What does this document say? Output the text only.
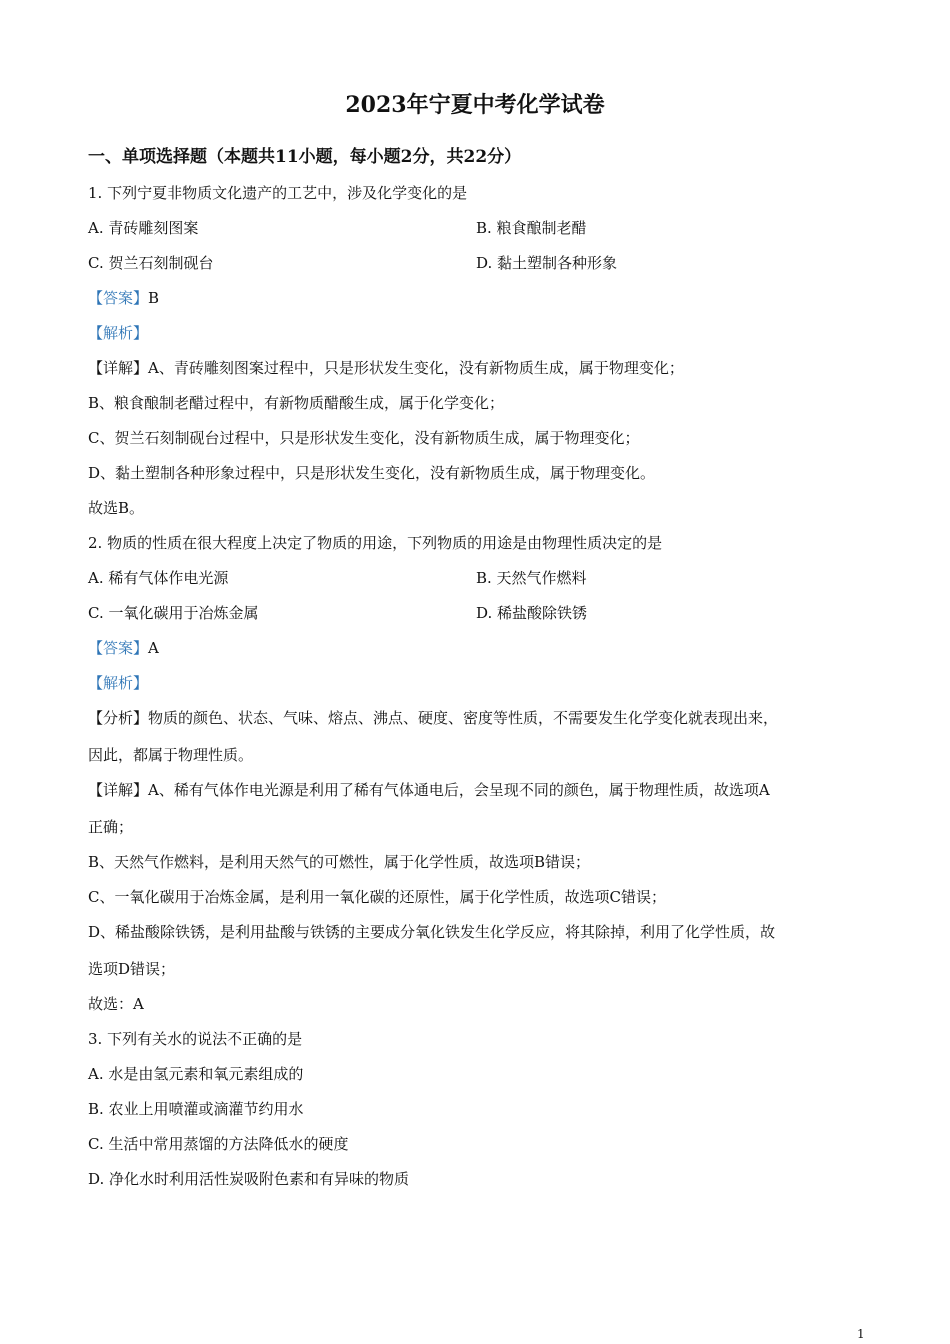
2023年宁夏中考化学试卷
一、单项选择题（本题共11小题，每小题2分，共22分）
1. 下列宁夏非物质文化遗产的工艺中，涉及化学变化的是
A. 青砖雕刻图案	B. 粮食酿制老醋
C. 贺兰石刻制砚台	D. 黏土塑制各种形象
【答案】B
【解析】
【详解】A、青砖雕刻图案过程中，只是形状发生变化，没有新物质生成，属于物理变化；
B、粮食酿制老醋过程中，有新物质醋酸生成，属于化学变化；
C、贺兰石刻制砚台过程中，只是形状发生变化，没有新物质生成，属于物理变化；
D、黏土塑制各种形象过程中，只是形状发生变化，没有新物质生成，属于物理变化。
故选B。
2. 物质的性质在很大程度上决定了物质的用途，下列物质的用途是由物理性质决定的是
A. 稀有气体作电光源	B. 天然气作燃料
C. 一氧化碳用于冶炼金属	D. 稀盐酸除铁锈
【答案】A
【解析】
【分析】物质的颜色、状态、气味、熔点、沸点、硬度、密度等性质，不需要发生化学变化就表现出来，
因此，都属于物理性质。
【详解】A、稀有气体作电光源是利用了稀有气体通电后，会呈现不同的颜色，属于物理性质，故选项A
正确；
B、天然气作燃料，是利用天然气的可燃性，属于化学性质，故选项B错误；
C、一氧化碳用于冶炼金属，是利用一氧化碳的还原性，属于化学性质，故选项C错误；
D、稀盐酸除铁锈，是利用盐酸与铁锈的主要成分氧化铁发生化学反应，将其除掉，利用了化学性质，故
选项D错误；
故选：A
3. 下列有关水的说法不正确的是
A. 水是由氢元素和氧元素组成的
B. 农业上用喷灌或滴灌节约用水
C. 生活中常用蒸馏的方法降低水的硬度
D. 净化水时利用活性炭吸附色素和有异味的物质
1
